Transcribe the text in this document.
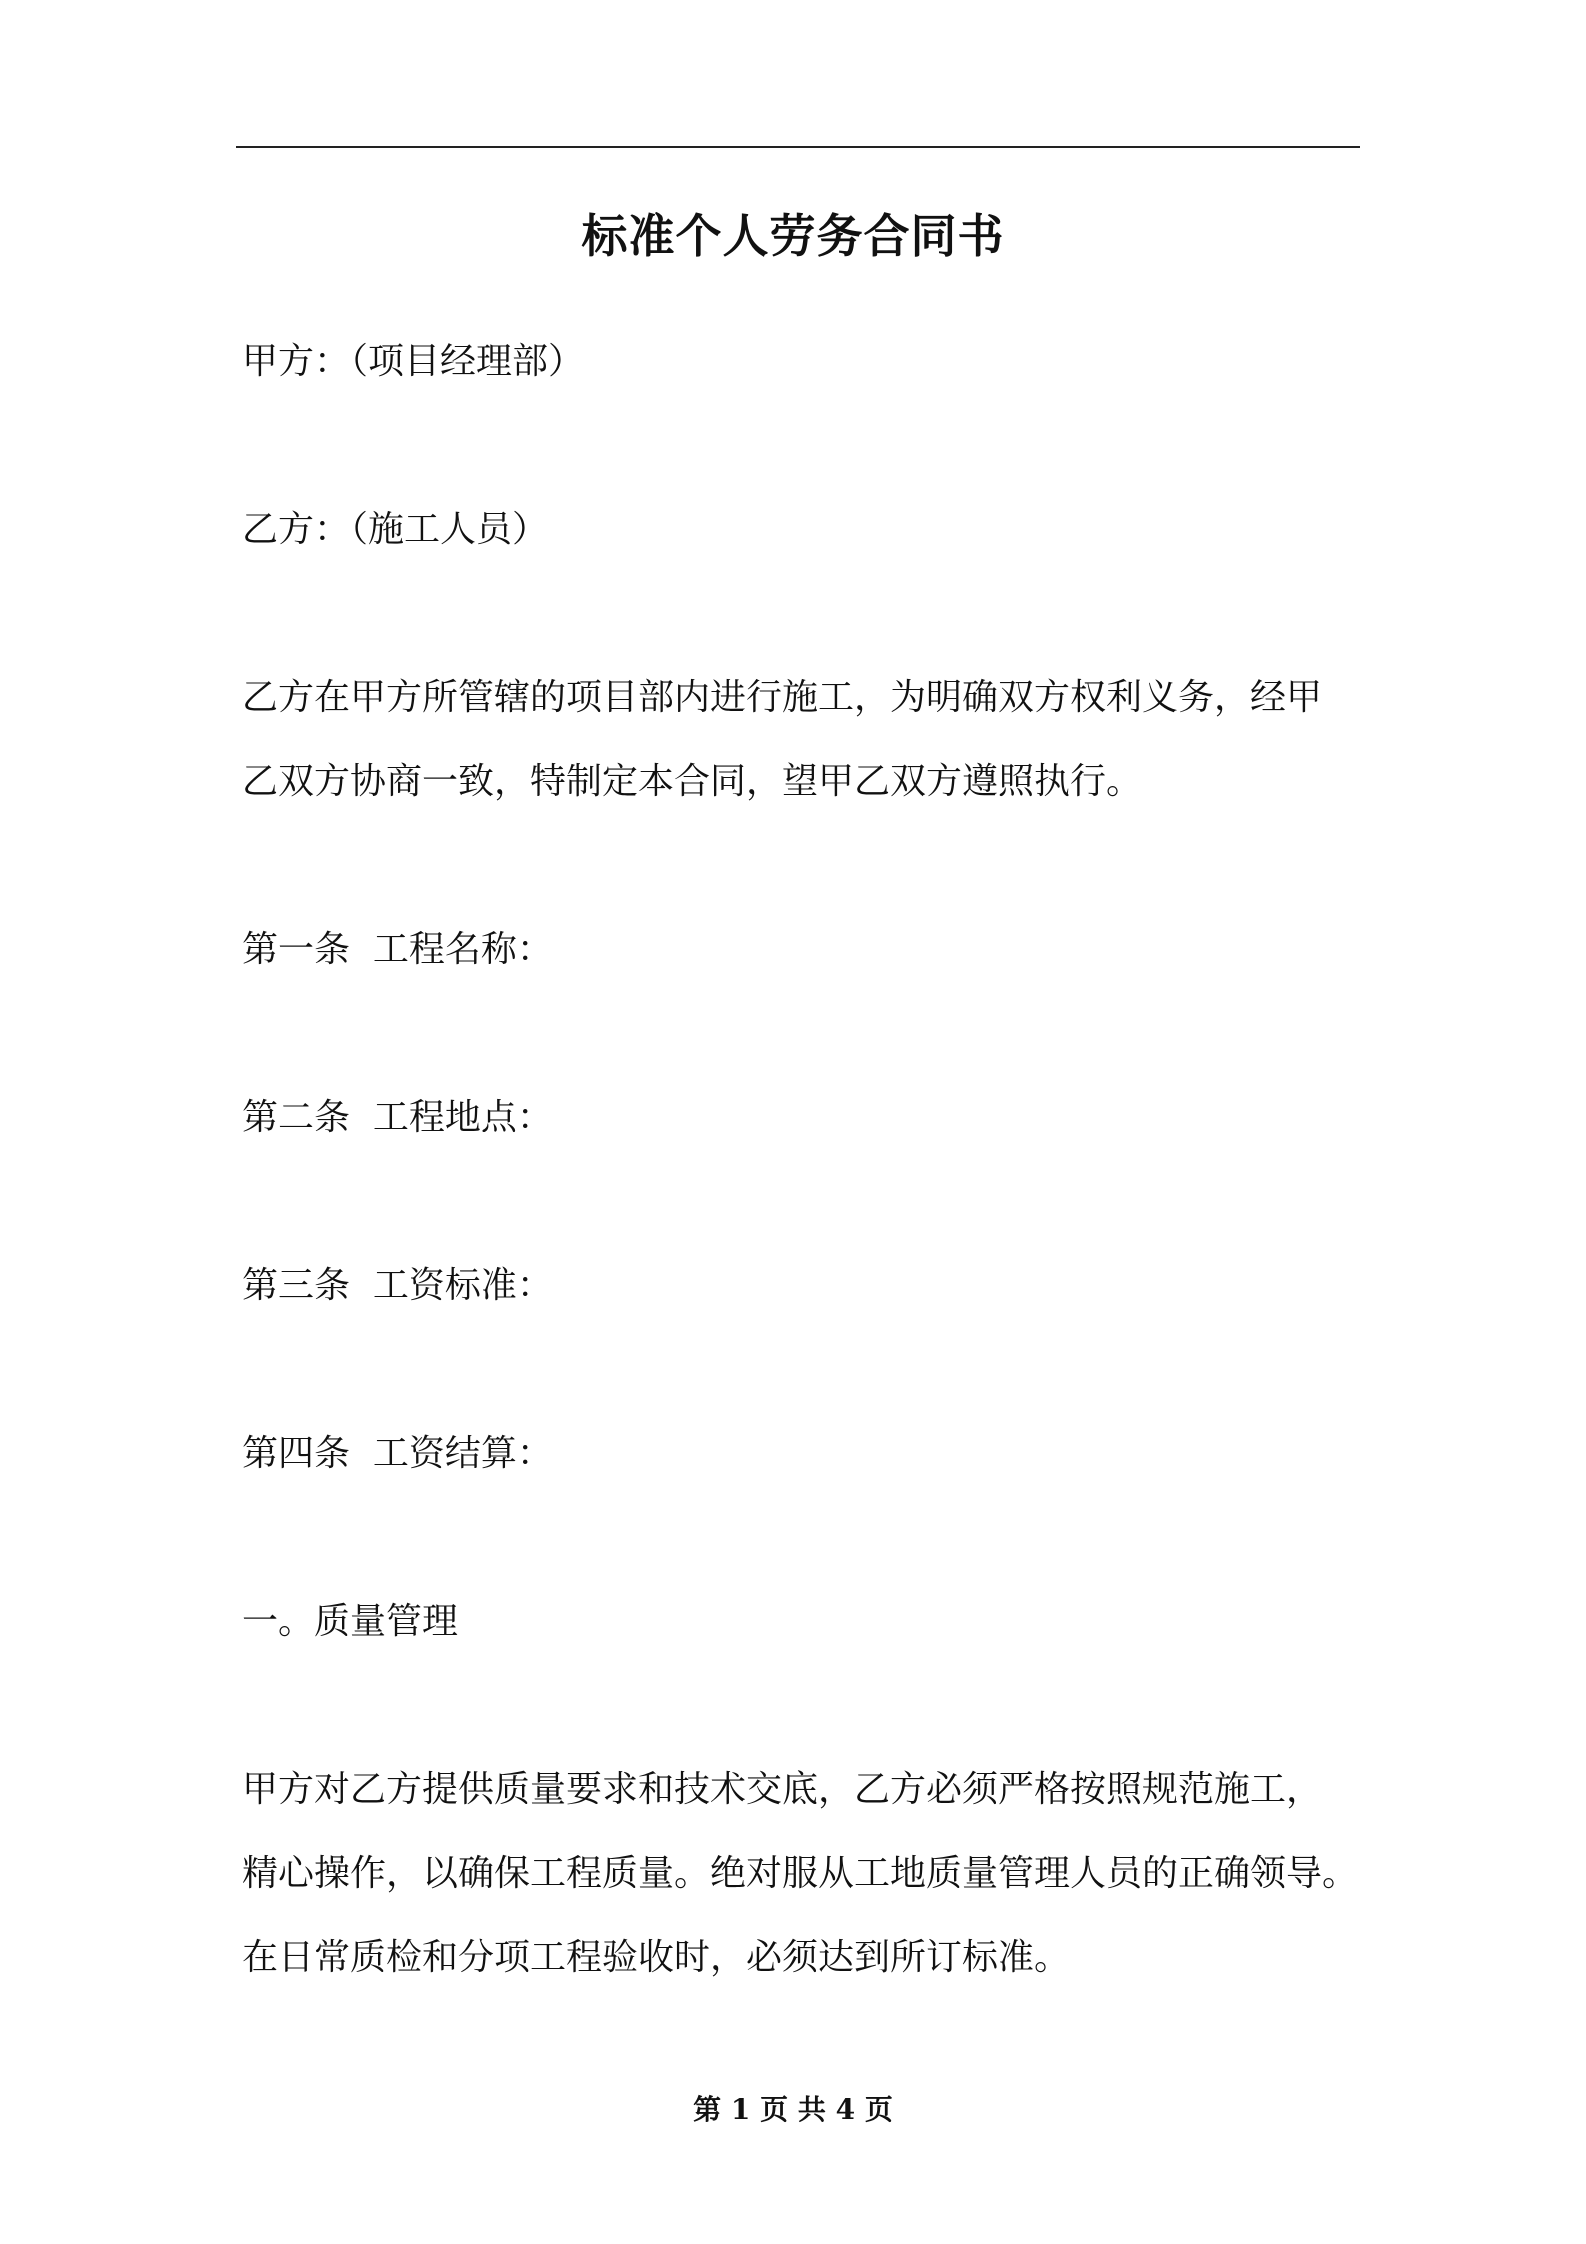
标准个人劳务合同书
甲方：（项目经理部）
乙方：（施工人员）
乙方在甲方所管辖的项目部内进行施工，为明确双方权利义务，经甲
乙双方协商一致，特制定本合同，望甲乙双方遵照执行。
第一条  工程名称：
第二条  工程地点：
第三条  工资标准：
第四条  工资结算：
一。质量管理
甲方对乙方提供质量要求和技术交底，乙方必须严格按照规范施工，
精心操作，以确保工程质量。绝对服从工地质量管理人员的正确领导。
在日常质检和分项工程验收时，必须达到所订标准。
第 1 页 共 4 页
